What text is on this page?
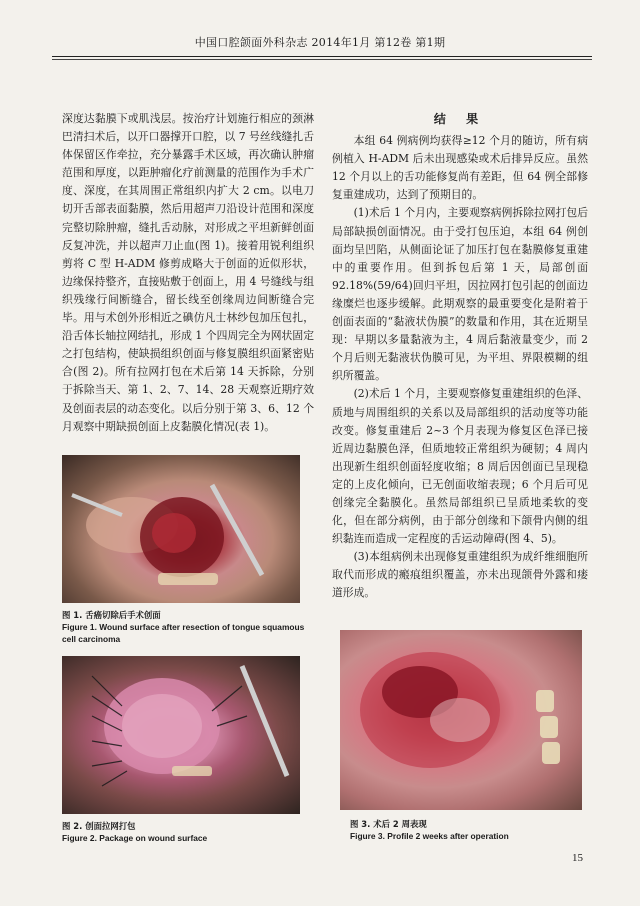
中国口腔颌面外科杂志 2014年1月 第12卷 第1期

深度达黏膜下或肌浅层。按治疗计划施行相应的颈淋巴清扫术后，以开口器撑开口腔，以 7 号丝线缝扎舌体保留区作牵拉，充分暴露手术区域，再次确认肿瘤范围和厚度，以距肿瘤化疗前测量的范围作为手术广度、深度，在其周围正常组织内扩大 2 cm。以电刀切开舌部表面黏膜，然后用超声刀沿设计范围和深度完整切除肿瘤，缝扎舌动脉，对形成之平坦新鲜创面反复冲洗，并以超声刀止血(图 1)。接着用锐利组织剪将 C 型 H-ADM 修剪成略大于创面的近似形状，边缘保持整齐，直接贴敷于创面上，用 4 号缝线与组织残缘行间断缝合，留长线至创缘周边间断缝合完毕。用与术创外形相近之碘仿凡士林纱包加压包扎，沿舌体长轴拉网结扎，形成 1 个四周完全为网状固定之打包结构，使缺损组织创面与修复膜组织面紧密贴合(图 2)。所有拉网打包在术后第 14 天拆除，分别于拆除当天、第 1、2、7、14、28 天观察近期疗效及创面表层的动态变化。以后分别于第 3、6、12 个月观察中期缺损创面上皮黏膜化情况(表 1)。

结 果

本组 64 例病例均获得≥12 个月的随访，所有病例植入 H-ADM 后未出现感染或术后排异反应。虽然 12 个月以上的舌功能修复尚有差距，但 64 例全部修复重建成功，达到了预期目的。

(1)术后 1 个月内，主要观察病例拆除拉网打包后局部缺损创面情况。由于受打包压迫，本组 64 例创面均呈凹陷，从侧面论证了加压打包在黏膜修复重建中的重要作用。但到拆包后第 1 天，局部创面 92.18%(59/64)回归平坦，因拉网打包引起的创面边缘糜烂也逐步缓解。此期观察的最重要变化是附着于创面表面的“黏液状伪膜”的数量和作用，其在近期呈现：早期以多量黏液为主，4 周后黏液量变少，而 2 个月后则无黏液状伪膜可见，为平坦、界限模糊的组织所覆盖。

(2)术后 1 个月，主要观察修复重建组织的色泽、质地与周围组织的关系以及局部组织的活动度等功能改变。修复重建后 2~3 个月表现为修复区色泽已接近周边黏膜色泽，但质地较正常组织为硬韧；4 周内出现新生组织创面轻度收缩；8 周后因创面已呈现稳定的上皮化倾向，已无创面收缩表现；6 个月后可见创缘完全黏膜化。虽然局部组织已呈质地柔软的变化，但在部分病例，由于部分创缘和下颌骨内侧的组织黏连而造成一定程度的舌运动障碍(图 4、5)。

(3)本组病例未出现修复重建组织为成纤维细胞所取代而形成的瘢痕组织覆盖，亦未出现颌骨外露和瘘道形成。

图 1. 舌癌切除后手术创面
Figure 1. Wound surface after resection of tongue squamous cell carcinoma
图 2. 创面拉网打包
Figure 2. Package on wound surface
图 3. 术后 2 周表现
Figure 3. Profile 2 weeks after operation
15
